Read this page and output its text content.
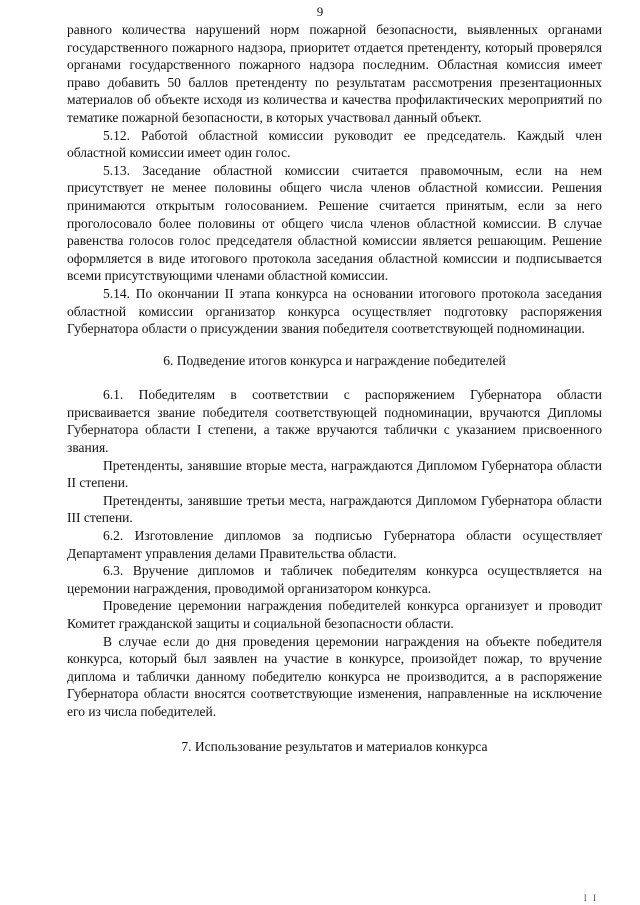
9

равного количества нарушений норм пожарной безопасности, выявленных органами государственного пожарного надзора, приоритет отдается претенденту, который проверялся органами государственного пожарного надзора последним. Областная комиссия имеет право добавить 50 баллов претенденту по результатам рассмотрения презентационных материалов об объекте исходя из количества и качества профилактических мероприятий по тематике пожарной безопасности, в которых участвовал данный объект.

5.12. Работой областной комиссии руководит ее председатель. Каждый член областной комиссии имеет один голос.

5.13. Заседание областной комиссии считается правомочным, если на нем присутствует не менее половины общего числа членов областной комиссии. Решения принимаются открытым голосованием. Решение считается принятым, если за него проголосовало более половины от общего числа членов областной комиссии. В случае равенства голосов голос председателя областной комиссии является решающим. Решение оформляется в виде итогового протокола заседания областной комиссии и подписывается всеми присутствующими членами областной комиссии.

5.14. По окончании II этапа конкурса на основании итогового протокола заседания областной комиссии организатор конкурса осуществляет подготовку распоряжения Губернатора области о присуждении звания победителя соответствующей подноминации.

6. Подведение итогов конкурса и награждение победителей

6.1. Победителям в соответствии с распоряжением Губернатора области присваивается звание победителя соответствующей подноминации, вручаются Дипломы Губернатора области I степени, а также вручаются таблички с указанием присвоенного звания.

Претенденты, занявшие вторые места, награждаются Дипломом Губернатора области II степени.

Претенденты, занявшие третьи места, награждаются Дипломом Губернатора области III степени.

6.2. Изготовление дипломов за подписью Губернатора области осуществляет Департамент управления делами Правительства области.

6.3. Вручение дипломов и табличек победителям конкурса осуществляется на церемонии награждения, проводимой организатором конкурса.

Проведение церемонии награждения победителей конкурса организует и проводит Комитет гражданской защиты и социальной безопасности области.

В случае если до дня проведения церемонии награждения на объекте победителя конкурса, который был заявлен на участие в конкурсе, произойдет пожар, то вручение диплома и таблички данному победителю конкурса не производится, а в распоряжение Губернатора области вносятся соответствующие изменения, направленные на исключение его из числа победителей.

7. Использование результатов и материалов конкурса

I I
